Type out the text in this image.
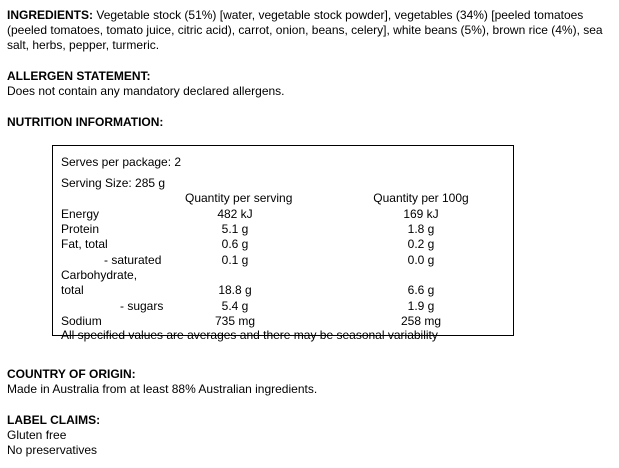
INGREDIENTS: Vegetable stock (51%) [water, vegetable stock powder], vegetables (34%) [peeled tomatoes (peeled tomatoes, tomato juice, citric acid), carrot, onion, beans, celery], white beans (5%), brown rice (4%), sea salt, herbs, pepper, turmeric.

ALLERGEN STATEMENT:

Does not contain any mandatory declared allergens.

NUTRITION INFORMATION:

Serves per package: 2
Serving Size: 285 g
Quantity per serving	Quantity per 100g
Energy	482 kJ	169 kJ
Protein	5.1 g	1.8 g
Fat, total	0.6 g	0.2 g
- saturated	0.1 g	0.0 g
Carbohydrate,
total	18.8 g	6.6 g
- sugars	5.4 g	1.9 g
Sodium	735 mg	258 mg
All specified values are averages and there may be seasonal variability

COUNTRY OF ORIGIN:

Made in Australia from at least 88% Australian ingredients.

LABEL CLAIMS:

Gluten free

No preservatives
